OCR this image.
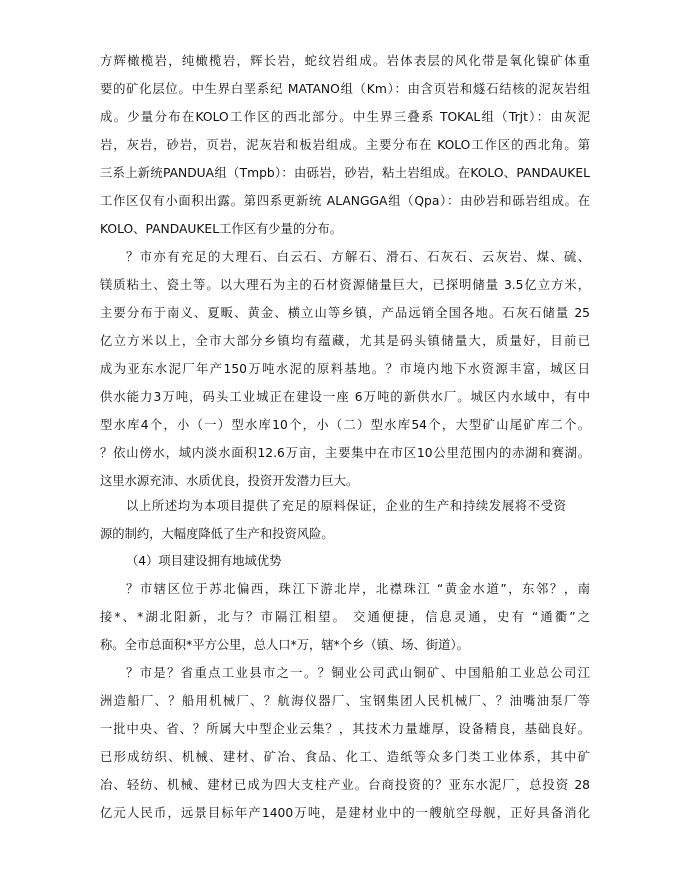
方辉橄榄岩，纯橄榄岩，辉长岩，蛇纹岩组成。岩体表层的风化带是氧化镍矿体重
要的矿化层位。中生界白垩系纪 MATANO组（Km）：由含页岩和燧石结核的泥灰岩组
成。少量分布在KOLO工作区的西北部分。中生界三叠系 TOKAL组（Trjt）：由灰泥
岩，灰岩，砂岩，页岩，泥灰岩和板岩组成。主要分布在 KOLO工作区的西北角。第
三系上新统PANDUA组（Tmpb）：由砾岩，砂岩，粘土岩组成。在KOLO、PANDAUKEL
工作区仅有小面积出露。第四系更新统 ALANGGA组（Qpa）：由砂岩和砾岩组成。在
KOLO、PANDAUKEL工作区有少量的分布。
？市亦有充足的大理石、白云石、方解石、滑石、石灰石、云灰岩、煤、硫、
镁质粘土、瓷土等。以大理石为主的石材资源储量巨大，已探明储量 3.5亿立方米，
主要分布于南义、夏畈、黄金、横立山等乡镇，产品远销全国各地。石灰石储量 25
亿立方米以上，全市大部分乡镇均有蕴藏，尤其是码头镇储量大，质量好，目前已
成为亚东水泥厂年产150万吨水泥的原料基地。？市境内地下水资源丰富，城区日
供水能力3万吨，码头工业城正在建设一座 6万吨的新供水厂。城区内水域中，有中
型水库4个，小（一）型水库10个，小（二）型水库54个，大型矿山尾矿库二个。
？依山傍水，域内淡水面积12.6万亩，主要集中在市区10公里范围内的赤湖和赛湖。
这里水源充沛、水质优良，投资开发潜力巨大。
以上所述均为本项目提供了充足的原料保证，企业的生产和持续发展将不受资
源的制约，大幅度降低了生产和投资风险。
（4）项目建设拥有地域优势
？市辖区位于苏北偏西，珠江下游北岸，北襟珠江 “黄金水道”，东邻？，南
接*、*湖北阳新，北与？市隔江相望。 交通便捷，信息灵通，史有 “通衢”之
称。全市总面积*平方公里，总人口*万，辖*个乡（镇、场、街道）。
？市是？省重点工业县市之一。？铜业公司武山铜矿、中国船舶工业总公司江
洲造船厂、？船用机械厂、？航海仪器厂、宝钢集团人民机械厂、？油嘴油泵厂等
一批中央、省、？所属大中型企业云集？，其技术力量雄厚，设备精良，基础良好。
已形成纺织、机械、建材、矿冶、食品、化工、造纸等众多门类工业体系，其中矿
冶、轻纺、机械、建材已成为四大支柱产业。台商投资的？亚东水泥厂，总投资 28
亿元人民币，远景目标年产1400万吨，是建材业中的一艘航空母舰，正好具备消化
